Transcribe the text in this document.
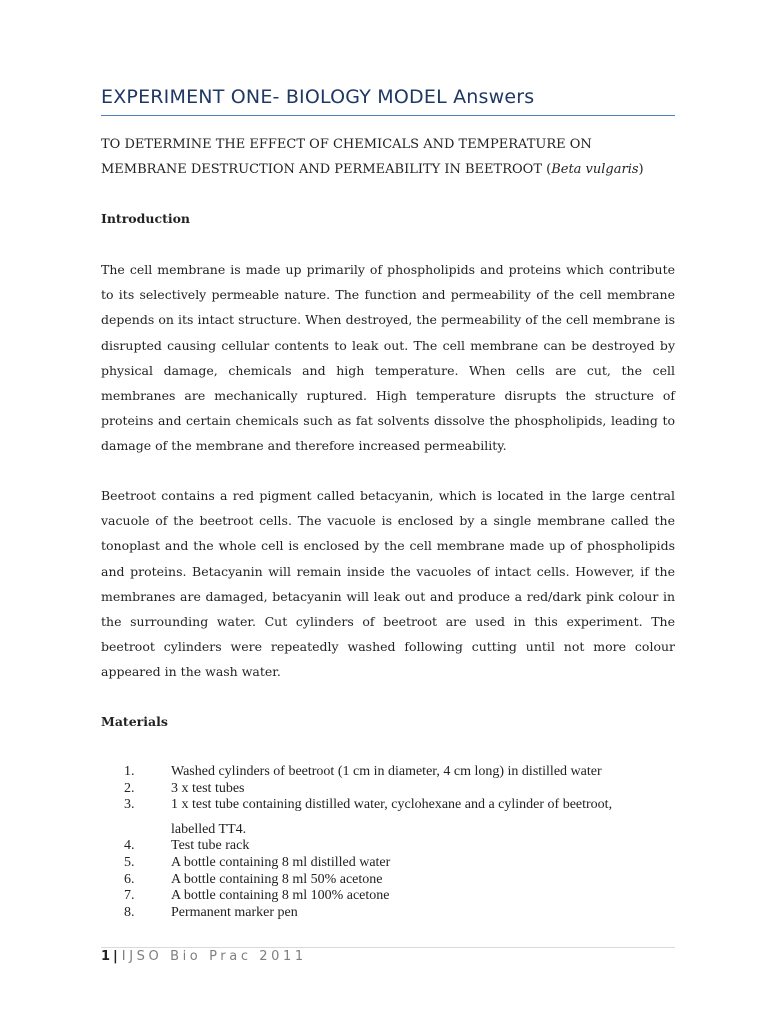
EXPERIMENT ONE- BIOLOGY MODEL Answers
TO DETERMINE THE EFFECT OF CHEMICALS AND TEMPERATURE ON
MEMBRANE DESTRUCTION AND PERMEABILITY IN BEETROOT (Beta vulgaris)
Introduction
The cell membrane is made up primarily of phospholipids and proteins which contribute to its selectively permeable nature. The function and permeability of the cell membrane depends on its intact structure. When destroyed, the permeability of the cell membrane is disrupted causing cellular contents to leak out. The cell membrane can be destroyed by physical damage, chemicals and high temperature. When cells are cut, the cell membranes are mechanically ruptured. High temperature disrupts the structure of proteins and certain chemicals such as fat solvents dissolve the phospholipids, leading to damage of the membrane and therefore increased permeability.
Beetroot contains a red pigment called betacyanin, which is located in the large central vacuole of the beetroot cells. The vacuole is enclosed by a single membrane called the tonoplast and the whole cell is enclosed by the cell membrane made up of phospholipids and proteins. Betacyanin will remain inside the vacuoles of intact cells. However, if the membranes are damaged, betacyanin will leak out and produce a red/dark pink colour in the surrounding water. Cut cylinders of beetroot are used in this experiment. The beetroot cylinders were repeatedly washed following cutting until not more colour appeared in the wash water.
Materials
1.	Washed cylinders of beetroot (1 cm in diameter, 4 cm long) in distilled water
2.	3 x test tubes
3.	1 x test tube containing distilled water, cyclohexane and a cylinder of beetroot,
labelled TT4.
4.	Test tube rack
5.	A bottle containing 8 ml distilled water
6.	A bottle containing 8 ml 50% acetone
7.	A bottle containing 8 ml 100% acetone
8.	Permanent marker pen
1 | IJSO Bio Prac 2011
